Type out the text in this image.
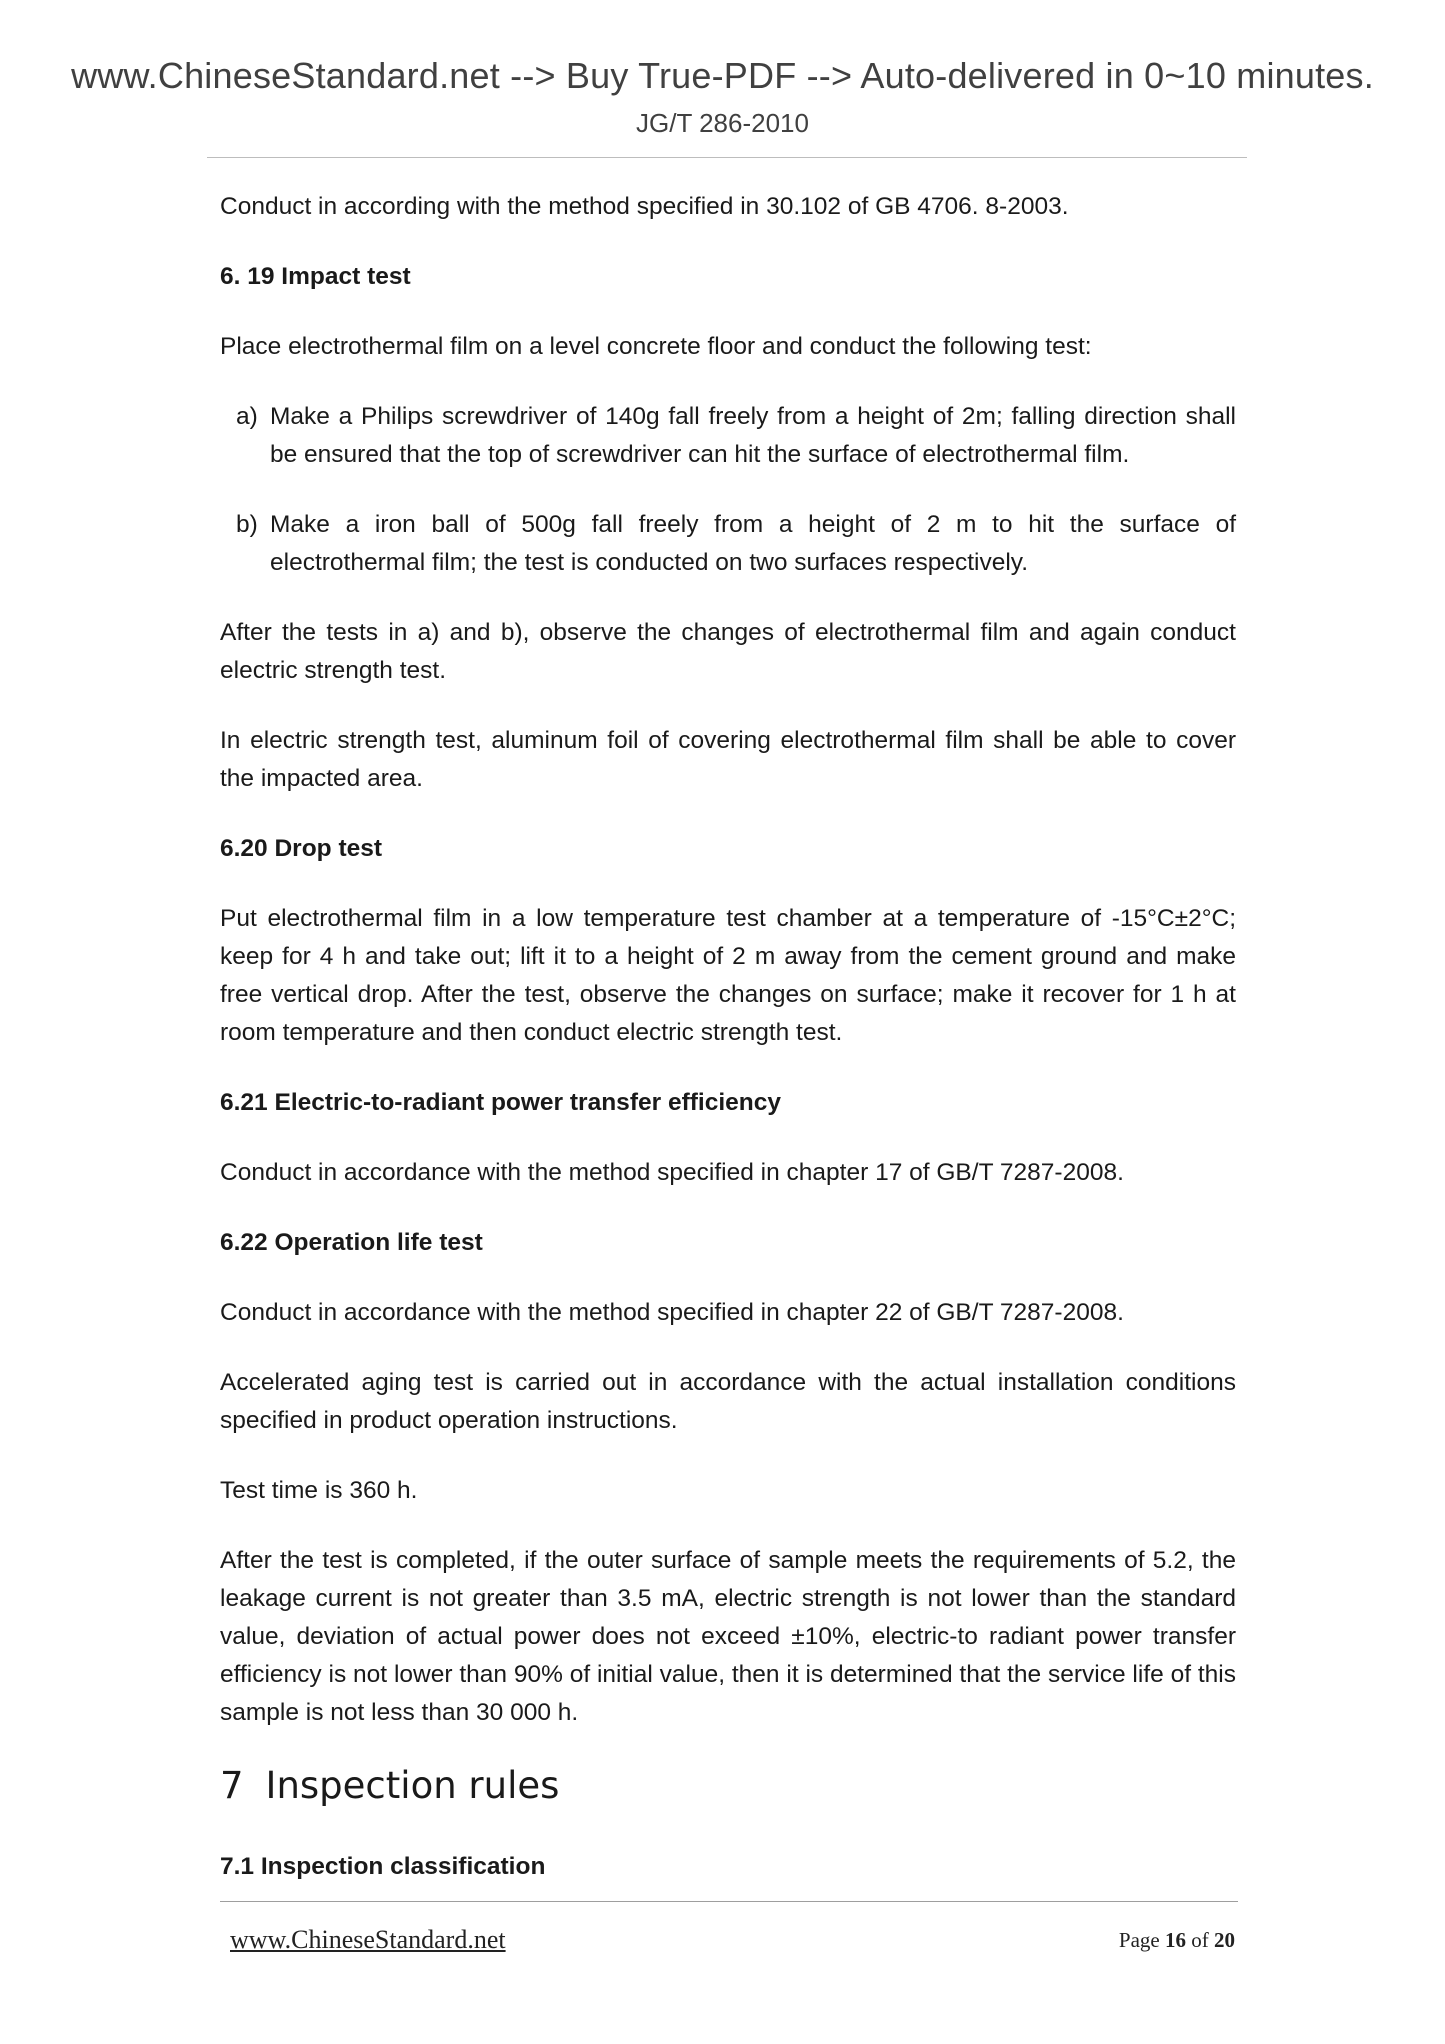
www.ChineseStandard.net --> Buy True-PDF --> Auto-delivered in 0~10 minutes.
JG/T 286-2010

Conduct in according with the method specified in 30.102 of GB 4706. 8-2003.

6. 19 Impact test

Place electrothermal film on a level concrete floor and conduct the following test:

a) Make a Philips screwdriver of 140g fall freely from a height of 2m; falling direction shall be ensured that the top of screwdriver can hit the surface of electrothermal film.
b) Make a iron ball of 500g fall freely from a height of 2 m to hit the surface of electrothermal film; the test is conducted on two surfaces respectively.

After the tests in a) and b), observe the changes of electrothermal film and again conduct electric strength test.

In electric strength test, aluminum foil of covering electrothermal film shall be able to cover the impacted area.

6.20 Drop test

Put electrothermal film in a low temperature test chamber at a temperature of -15°C±2°C; keep for 4 h and take out; lift it to a height of 2 m away from the cement ground and make free vertical drop. After the test, observe the changes on surface; make it recover for 1 h at room temperature and then conduct electric strength test.

6.21 Electric-to-radiant power transfer efficiency

Conduct in accordance with the method specified in chapter 17 of GB/T 7287-2008.

6.22 Operation life test

Conduct in accordance with the method specified in chapter 22 of GB/T 7287-2008.

Accelerated aging test is carried out in accordance with the actual installation conditions specified in product operation instructions.

Test time is 360 h.

After the test is completed, if the outer surface of sample meets the requirements of 5.2, the leakage current is not greater than 3.5 mA, electric strength is not lower than the standard value, deviation of actual power does not exceed ±10%, electric-to radiant power transfer efficiency is not lower than 90% of initial value, then it is determined that the service life of this sample is not less than 30 000 h.

7 Inspection rules
7.1 Inspection classification
www.ChineseStandard.net	Page 16 of 20
